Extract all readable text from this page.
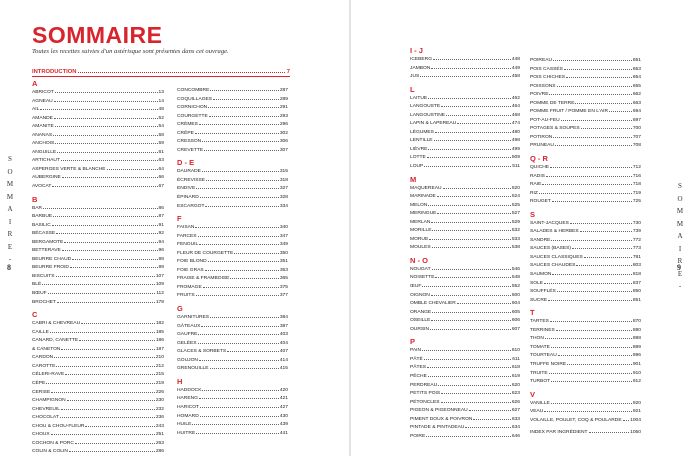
SOMMAIRE
Toutes les recettes suivies d'un astérisque sont présentes dans cet ouvrage.
INTRODUCTION	7
A
ABRICOT	13
AGNEAU	14
AIL	48
AMANDE	52
AMANITE	54
ANANAS	58
ANCHOIS	59
ANGUILLE	61
ARTICHAUT	63
ASPERGES VERTE & BLANCHE	64
AUBERGINE	66
AVOCAT	67
B
BAR	86
BARBUE	87
BASILIC	91
BÉCASSE	92
BERGAMOTE	94
BETTERAVE	96
BEURRE CHAUD	98
BEURRE FROID	99
BISCUITS	107
BLÉ	109
BŒUF	112
BROCHET	178
C
CABRI & CHEVREAU	182
CAILLE	185
CANARD, CANETTE	186
& CANETON	187
CARDON	210
CAROTTE	212
CÉLERI-RAVE	215
CÈPE	219
CERISE	226
CHAMPIGNON	230
CHEVREUIL	232
CHOCOLAT	236
CHOU & CHOU-FLEUR	243
CHOUX	251
COCHON & PORC	263
COLIN & COLIN	286
CONCOMBRE	287
COQUILLAGES	289
CORNICHON	291
COURGETTE	293
CRÈMES	296
CRÊPE	302
CRESSON	306
CREVETTE	307
D - E
DAURADE	315
ÉCREVISSE	318
ENDIVE	327
ÉPINARD	328
ESCARGOT	334
F
FAISAN	340
FARCES	347
FENOUIL	349
FLEUR DE COURGETTE	350
FOIE BLOND	351
FOIE GRAS	353
FRAISE & FRAMBOISE	365
FROMAGE	375
FRUITS	377
G
GARNITURES	384
GÂTEAUX	387
GAUFRE	403
GELÉES	404
GLACES & SORBETS	407
GOUJON	414
GRENOUILLE	415
H
HADDOCK	420
HARENG	421
HARICOT	427
HOMARD	430
HUILE	439
HUITRE	441
S
O
M
M
A
I
R
E
-
8
I - J
ICEBERG	448
JAMBON	449
JUS	458
L
LAITUE	462
LANGOUSTE	464
LANGOUSTINE	468
LAPIN & LAPEREAU	474
LÉGUMES	480
LENTILLE	498
LIÈVRE	499
LOTTE	509
LOUP	511
M
MAQUEREAU	520
MARINADE	524
MELON	525
MERINGUE	527
MERLAN	529
MORILLE	532
MORUE	533
MOULES	538
N - O
NOUGAT	546
NOISETTE	548
ŒUF	552
OIGNON	600
OMBLE CHEVALIER	604
ORANGE	605
OSEILLE	606
OURSIN	607
P
PAIN	610
PÂTÉ	611
PÂTES	618
PÊCHE	619
PERDREAU	620
PETITS POIS	623
PÉTONCLES	626
PIGEON & PIGEONNEAU	627
PIMENT DOUX & POIVRON	633
PINTADE & PINTADEAU	634
POIRE	646
POIREAU	651
POIS CASSÉS	653
POIS CHICHES	654
POISSONS	655
POIVRE	662
POMME DE TERRE	663
POMME FRUIT / POMME EN L'AIR	694
POT-AU-FEU	697
POTAGES & SOUPES	700
POTIRON	707
PRUNEAU	708
Q - R
QUICHE	712
RADIS	716
RAIE	718
RIZ	719
ROUGET	725
S
SAINT-JACQUES	730
SALADES & HERBES	739
SANDRE	772
SAUCES (BASES)	773
SAUCES CLASSIQUES	781
SAUCES CHAUDES	803
SAUMON	818
SOLE	837
SOUFFLÉS	850
SUCRE	851
T
TARTES	870
TERRINES	880
THON	888
TOMATE	889
TOURTEAU	896
TRUFFE NOIRE	901
TRUITE	910
TURBOT	912
V
VANILLE	920
VEAU	921
VOLAILLE, POULET, COQ & POULARDE 1004
INDEX PAR INGRÉDIENT	1050
S
O
M
M
A
I
R
E
-
9
